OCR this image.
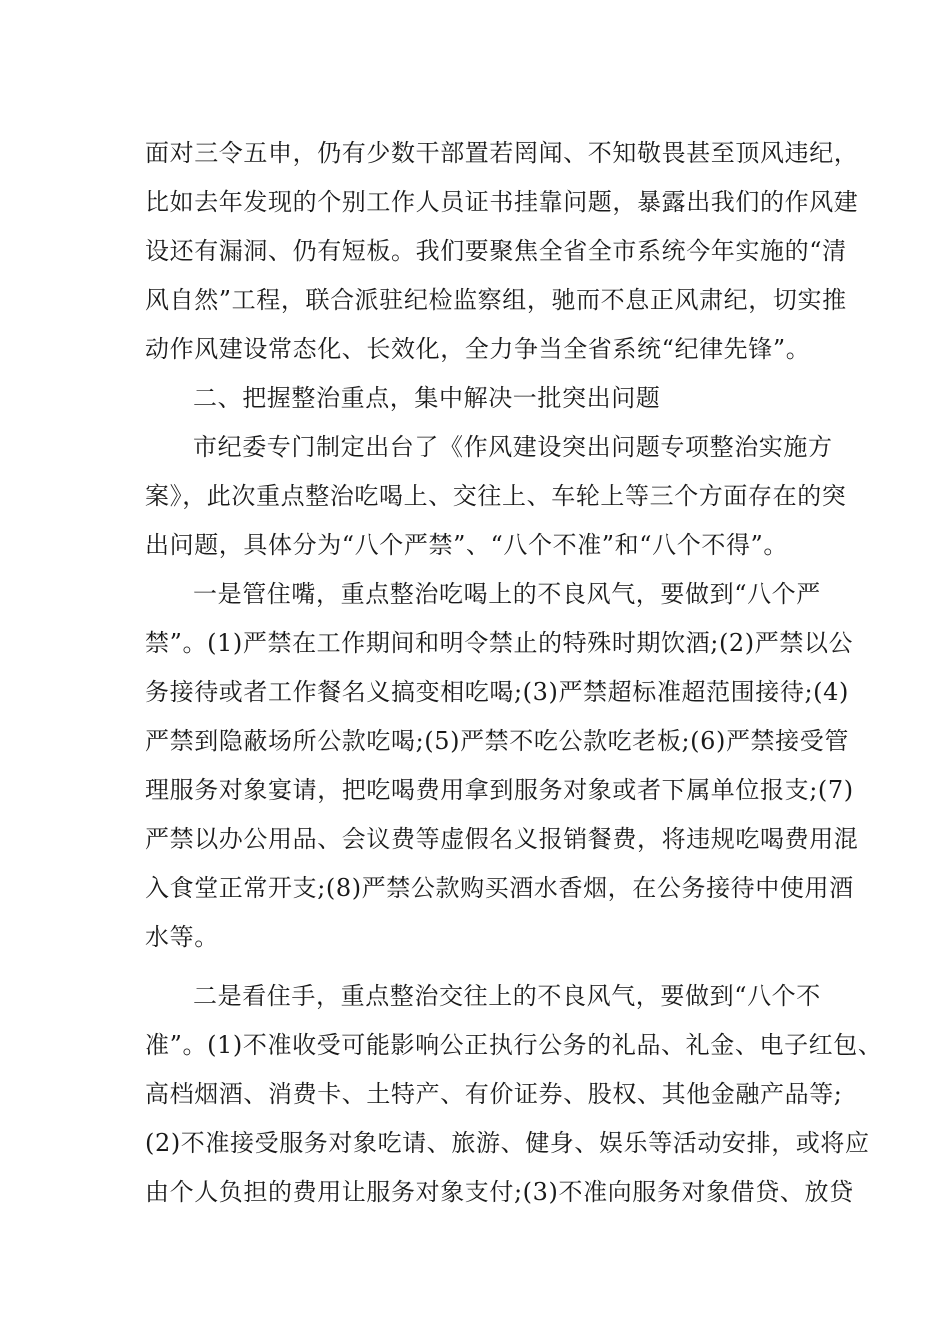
面对三令五申，仍有少数干部置若罔闻、不知敬畏甚至顶风违纪，
比如去年发现的个别工作人员证书挂靠问题，暴露出我们的作风建
设还有漏洞、仍有短板。我们要聚焦全省全市系统今年实施的“清
风自然”工程，联合派驻纪检监察组，驰而不息正风肃纪，切实推
动作风建设常态化、长效化，全力争当全省系统“纪律先锋”。
二、把握整治重点，集中解决一批突出问题
市纪委专门制定出台了《作风建设突出问题专项整治实施方
案》，此次重点整治吃喝上、交往上、车轮上等三个方面存在的突
出问题，具体分为“八个严禁”、“八个不准”和“八个不得”。
一是管住嘴，重点整治吃喝上的不良风气，要做到“八个严
禁”。(1)严禁在工作期间和明令禁止的特殊时期饮酒;(2)严禁以公
务接待或者工作餐名义搞变相吃喝;(3)严禁超标准超范围接待;(4)
严禁到隐蔽场所公款吃喝;(5)严禁不吃公款吃老板;(6)严禁接受管
理服务对象宴请，把吃喝费用拿到服务对象或者下属单位报支;(7)
严禁以办公用品、会议费等虚假名义报销餐费，将违规吃喝费用混
入食堂正常开支;(8)严禁公款购买酒水香烟，在公务接待中使用酒
水等。
二是看住手，重点整治交往上的不良风气，要做到“八个不
准”。(1)不准收受可能影响公正执行公务的礼品、礼金、电子红包、
高档烟酒、消费卡、土特产、有价证券、股权、其他金融产品等;
(2)不准接受服务对象吃请、旅游、健身、娱乐等活动安排，或将应
由个人负担的费用让服务对象支付;(3)不准向服务对象借贷、放贷
